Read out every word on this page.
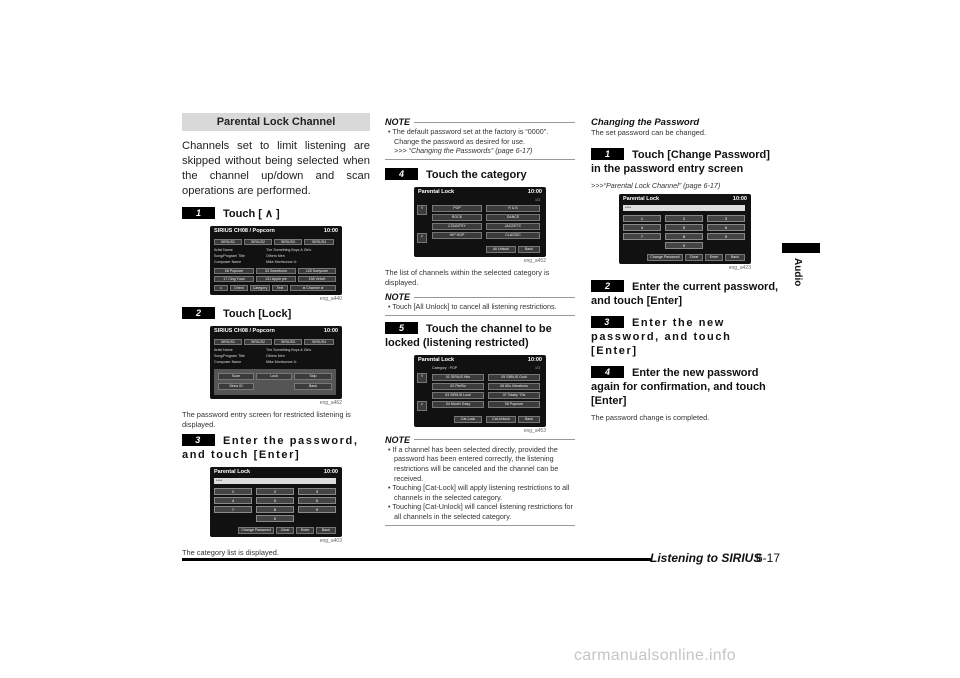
Parental Lock Channel
Channels set to limit listening are skipped without being selected when the channel up/down and scan operations are performed.
1 Touch [ ∧ ]
SIRIUS CH08 / Popcorn	10:00
SIRIUS1	SIRIUS2	SIRIUS3	SIRIUS4
Artist Name
Song/Program Title
Composer Name
The Something Boys & Girls
Others Men
Mike Morrisonne Jr.
08 Popcorn	33 Sweetcorn	125 Sortycorn
17 Cing Yuan	131 Apple pie	156 Velvet
∧	Direct	Category	Text	◄ Channel ►
eng_a440
2 Touch [Lock]
SIRIUS CH08 / Popcorn	10:00
SIRIUS1	SIRIUS2	SIRIUS3	SIRIUS4
Artist Name
Song/Program Title
Composer Name
The Something Boys & Girls
Others Men
Mike Morrisonne Jr.
Scan	Lock	Skip
Sirius ID	Back
eng_a462
The password entry screen for restricted listening is displayed.
3 Enter the password, and touch [Enter]
Parental Lock	10:00
****
1	2	3
4	5	6
7	8	9
0
Change Password	Clear	Enter	Back
eng_a403
The category list is displayed.
NOTE
• The default password set at the factory is “0000”. Change the password as desired for use.
>>> “Changing the Passwords” (page 6-17)
4 Touch the category
Parental Lock	10:00
1/3
⇑
⇓
POP	R & B
ROCK	DANCE
COUNTRY	JAZZ/ETC
HIP HOP	CLASSIC
All Unlock	Back
eng_a452
The list of channels within the selected category is displayed.
NOTE
• Touch [All Unlock] to cancel all listening restrictions.
5 Touch the channel to be locked (listening restricted)
Parental Lock	10:00
Category : POP	1/3
⇑
⇓
01 SIRIUS Hits	05 SIRIUS Gold
02 Pie/Bo	06 60s Vibrations
03 SIRIUS Love	07 Totally '70s
04 Movin' Easy	08 Popcorn
Cat-Lock	Cat-Unlock	Back
eng_a453
NOTE
• If a channel has been selected directly, provided the password has been entered correctly, the listening restrictions will be canceled and the channel can be received.
• Touching [Cat-Lock] will apply listening restrictions to all channels in the selected category.
• Touching [Cat-Unlock] will cancel listening restrictions for all channels in the selected category.
Changing the Password
The set password can be changed.
1 Touch [Change Password] in the password entry screen
>>>“Parental Lock Channel” (page 6-17)
Parental Lock	10:00
****
1	2	3
4	5	6
7	8	9
0
Change Password	Clear	Enter	Back
eng_a423
2 Enter the current password, and touch [Enter]
3 Enter the new password, and touch [Enter]
4 Enter the new password again for confirmation, and touch [Enter]
The password change is completed.
Audio
Listening to SIRIUS
6-17
carmanualsonline.info
